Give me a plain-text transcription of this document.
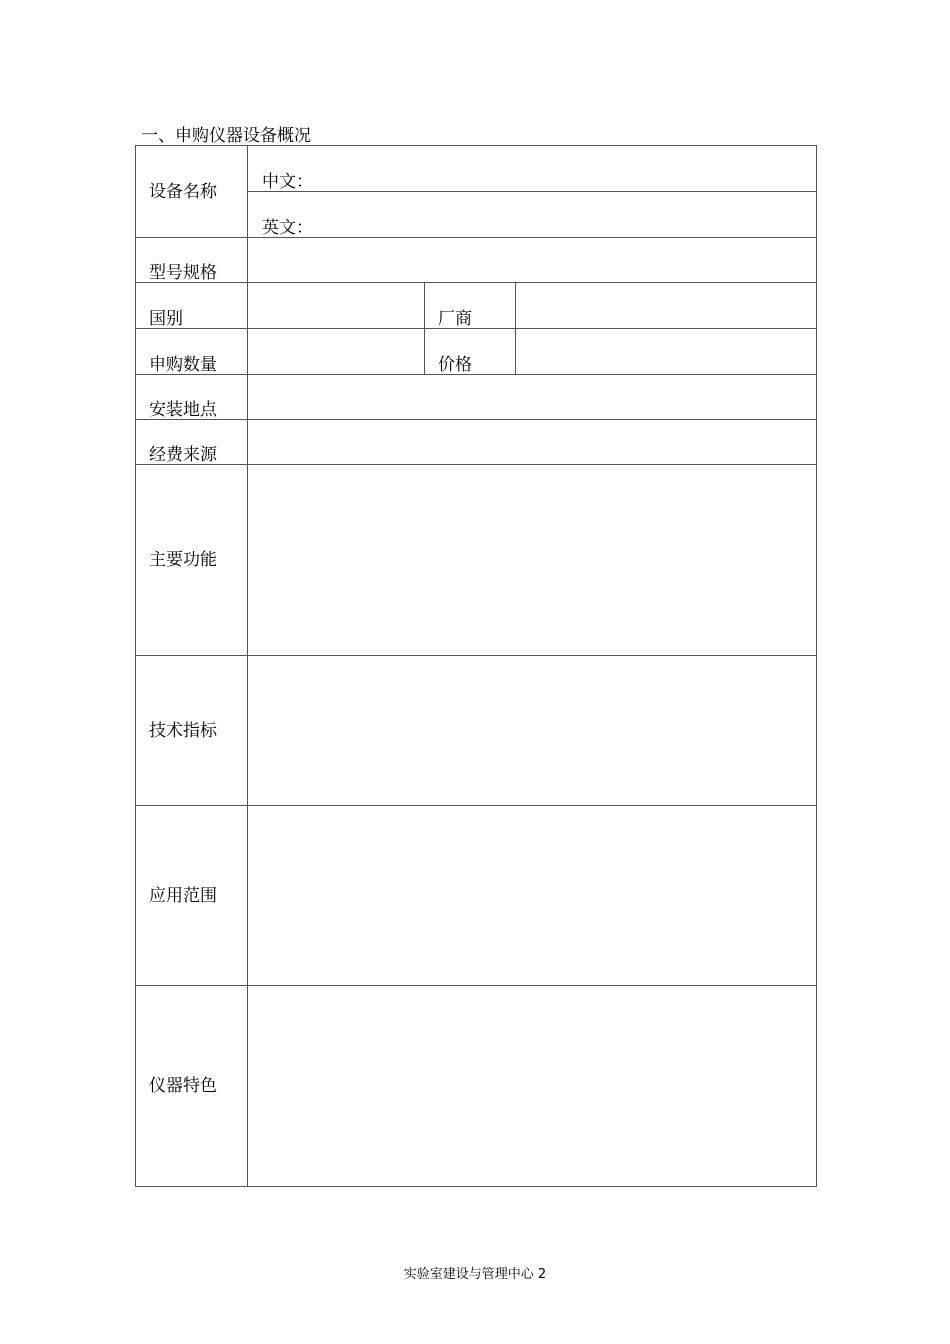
一、申购仪器设备概况
设备名称	中文：		
	英文：		
型号规格			
国别		厂商	
申购数量		价格	
安装地点			
经费来源			
主要功能			
技术指标			
应用范围			
仪器特色			
实验室建设与管理中心 2
